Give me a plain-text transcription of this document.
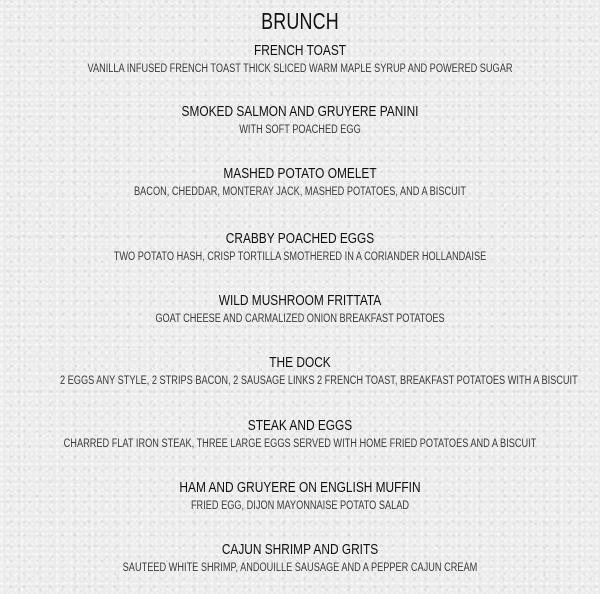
BRUNCH
FRENCH TOAST
VANILLA INFUSED FRENCH TOAST THICK SLICED WARM MAPLE SYRUP AND POWERED SUGAR
SMOKED SALMON AND GRUYERE PANINI
WITH SOFT POACHED EGG
MASHED POTATO OMELET
BACON, CHEDDAR, MONTERAY JACK, MASHED POTATOES, AND A BISCUIT
CRABBY POACHED EGGS
TWO POTATO HASH, CRISP TORTILLA SMOTHERED IN A CORIANDER HOLLANDAISE
WILD MUSHROOM FRITTATA
GOAT CHEESE AND CARMALIZED ONION BREAKFAST POTATOES
THE DOCK
2 EGGS ANY STYLE, 2 STRIPS BACON, 2 SAUSAGE LINKS 2 FRENCH TOAST, BREAKFAST POTATOES WITH A BISCUIT
STEAK AND EGGS
CHARRED FLAT IRON STEAK, THREE LARGE EGGS SERVED WITH HOME FRIED POTATOES AND A BISCUIT
HAM AND GRUYERE ON ENGLISH MUFFIN
FRIED EGG, DIJON MAYONNAISE POTATO SALAD
CAJUN SHRIMP AND GRITS
SAUTEED WHITE SHRIMP, ANDOUILLE SAUSAGE AND A PEPPER CAJUN CREAM
